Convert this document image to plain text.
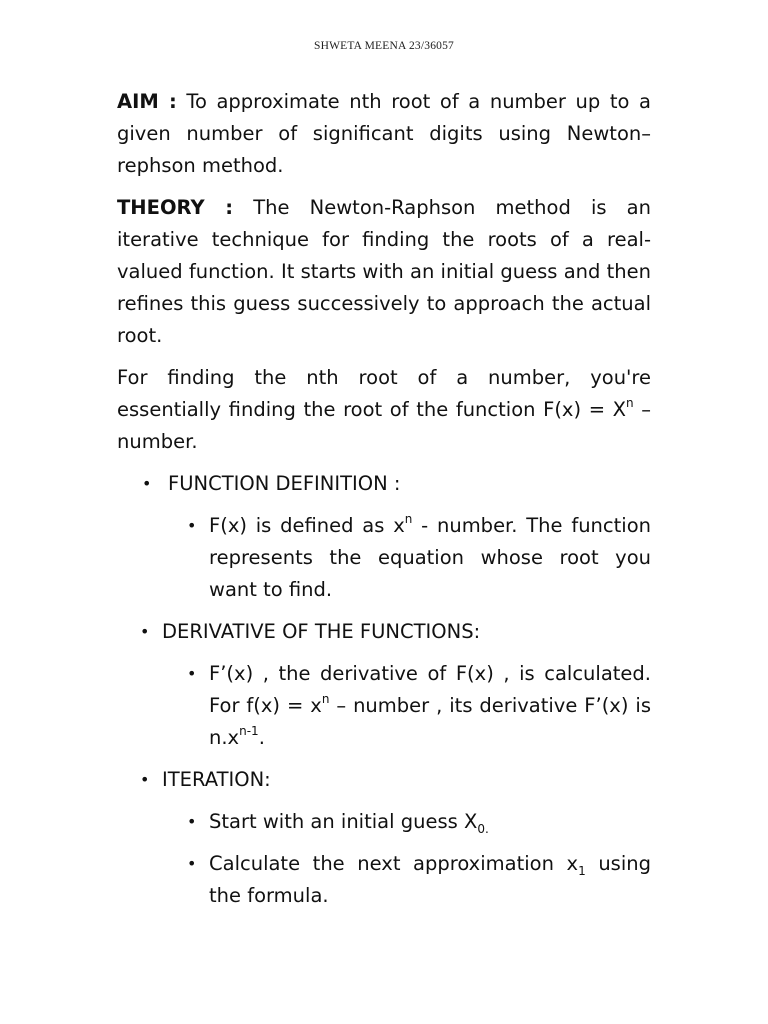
SHWETA MEENA 23/36057

AIM : To approximate nth root of a number up to a given number of significant digits using Newton–rephson method.

THEORY : The Newton-Raphson method is an iterative technique for finding the roots of a real-valued function. It starts with an initial guess and then refines this guess successively to approach the actual root.

For finding the nth root of a number, you're essentially finding the root of the function $F(x) = X^n$ – number.

• FUNCTION DEFINITION :
• F(x) is defined as $x^n$ - number. The function represents the equation whose root you want to find.
• DERIVATIVE OF THE FUNCTIONS:
• F’(x) , the derivative of F(x) , is calculated. For $f(x) = x^n$ – number , its derivative F’(x) is $n.x^{n-1}$.
• ITERATION:
• Start with an initial guess $X_{0.}$
• Calculate the next approximation $x_1$ using the formula.
